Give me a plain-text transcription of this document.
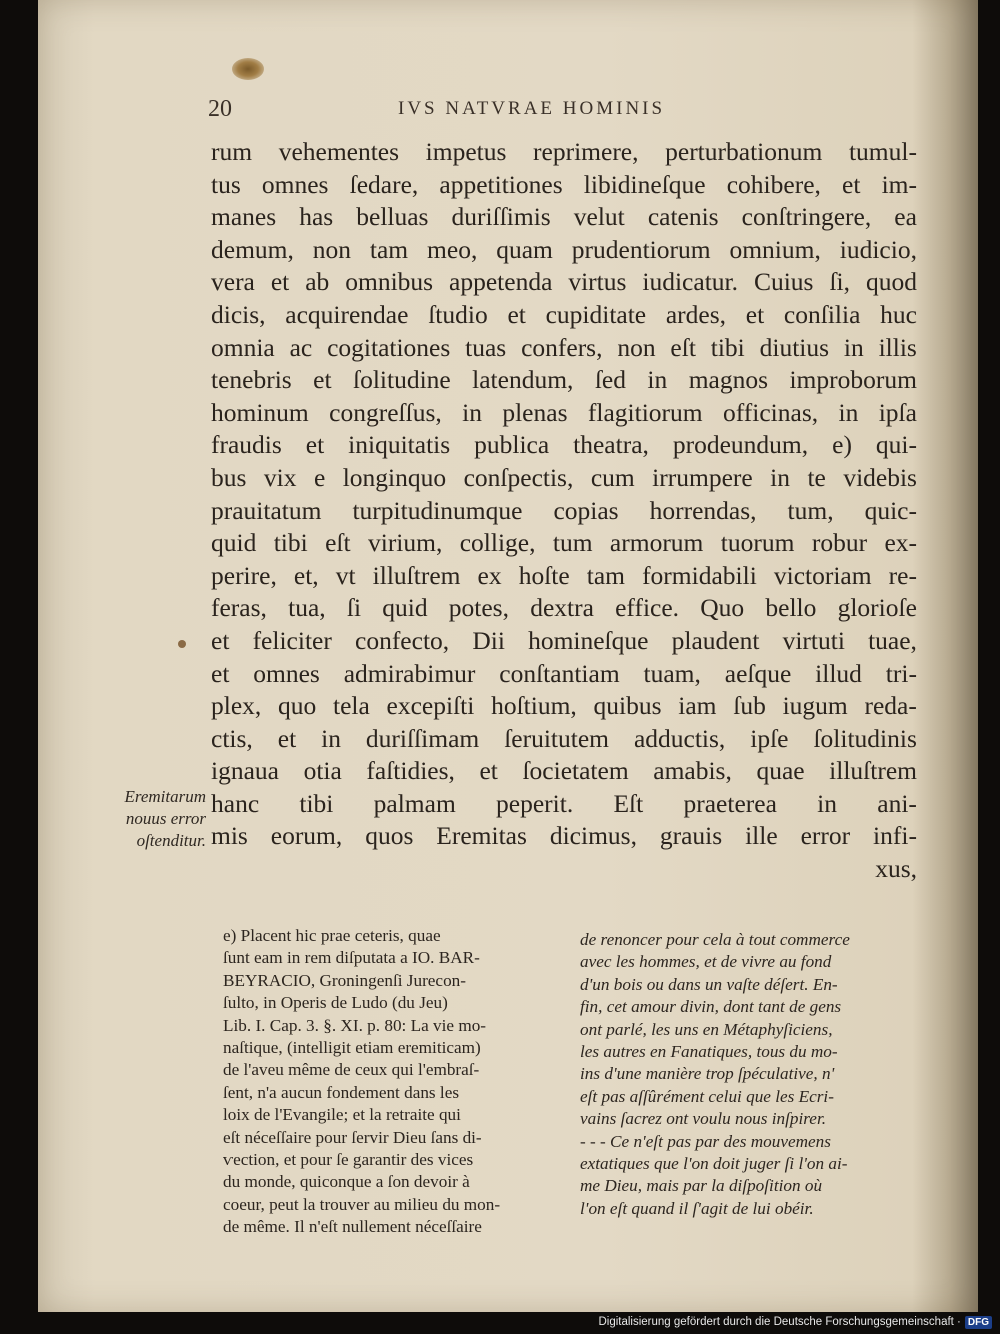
20	IVS NATVRAE HOMINIS
rum vehementes impetus reprimere, perturbationum tumul-
tus omnes ſedare, appetitiones libidineſque cohibere, et im-
manes has belluas duriſſimis velut catenis conſtringere, ea
demum, non tam meo, quam prudentiorum omnium, iudicio,
vera et ab omnibus appetenda virtus iudicatur. Cuius ſi, quod
dicis, acquirendae ſtudio et cupiditate ardes, et conſilia huc
omnia ac cogitationes tuas confers, non eſt tibi diutius in illis
tenebris et ſolitudine latendum, ſed in magnos improborum
hominum congreſſus, in plenas flagitiorum officinas, in ipſa
fraudis et iniquitatis publica theatra, prodeundum, e) qui-
bus vix e longinquo conſpectis, cum irrumpere in te videbis
prauitatum turpitudinumque copias horrendas, tum, quic-
quid tibi eſt virium, collige, tum armorum tuorum robur ex-
perire, et, vt illuſtrem ex hoſte tam formidabili victoriam re-
feras, tua, ſi quid potes, dextra effice. Quo bello glorioſe
et feliciter confecto, Dii homineſque plaudent virtuti tuae,
et omnes admirabimur conſtantiam tuam, aeſque illud tri-
plex, quo tela excepiſti hoſtium, quibus iam ſub iugum reda-
ctis, et in duriſſimam ſeruitutem adductis, ipſe ſolitudinis
ignaua otia faſtidies, et ſocietatem amabis, quae illuſtrem
hanc tibi palmam peperit. Eſt praeterea in ani-
mis eorum, quos Eremitas dicimus, grauis ille error infi-
xus,
Eremitarum
nouus error
oſtenditur.
e) Placent hic prae ceteris, quae
ſunt eam in rem diſputata a IO. BAR-
BEYRACIO, Groningenſi Jurecon-
ſulto, in Operis de Ludo (du Jeu)
Lib. I. Cap. 3. §. XI. p. 80: La vie mo-
naſtique, (intelligit etiam eremiticam)
de l'aveu même de ceux qui l'embraſ-
ſent, n'a aucun fondement dans les
loix de l'Evangile; et la retraite qui
eſt néceſſaire pour ſervir Dieu ſans di-
ѵеction, et pour ſe garantir des vices
du monde, quiconque a ſon devoir à
coeur, peut la trouver au milieu du mon-
de même. Il n'eſt nullement néceſſaire
de renoncer pour cela à tout commerce
avec les hommes, et de vivre au fond
d'un bois ou dans un vaſte déſert. En-
fin, cet amour divin, dont tant de gens
ont parlé, les uns en Métaphyſiciens,
les autres en Fanatiques, tous du mo-
ins d'une manière trop ſpéculative, n'
eſt pas aſſûrément celui que les Ecri-
vains ſacrez ont voulu nous inſpirer.
- - - Ce n'eſt pas par des mouvemens
extatiques que l'on doit juger ſi l'on ai-
me Dieu, mais par la diſpoſition où
l'on eſt quand il ſ'agit de lui obéir.
Digitalisierung gefördert durch die Deutsche Forschungsgemeinschaft · DFG
